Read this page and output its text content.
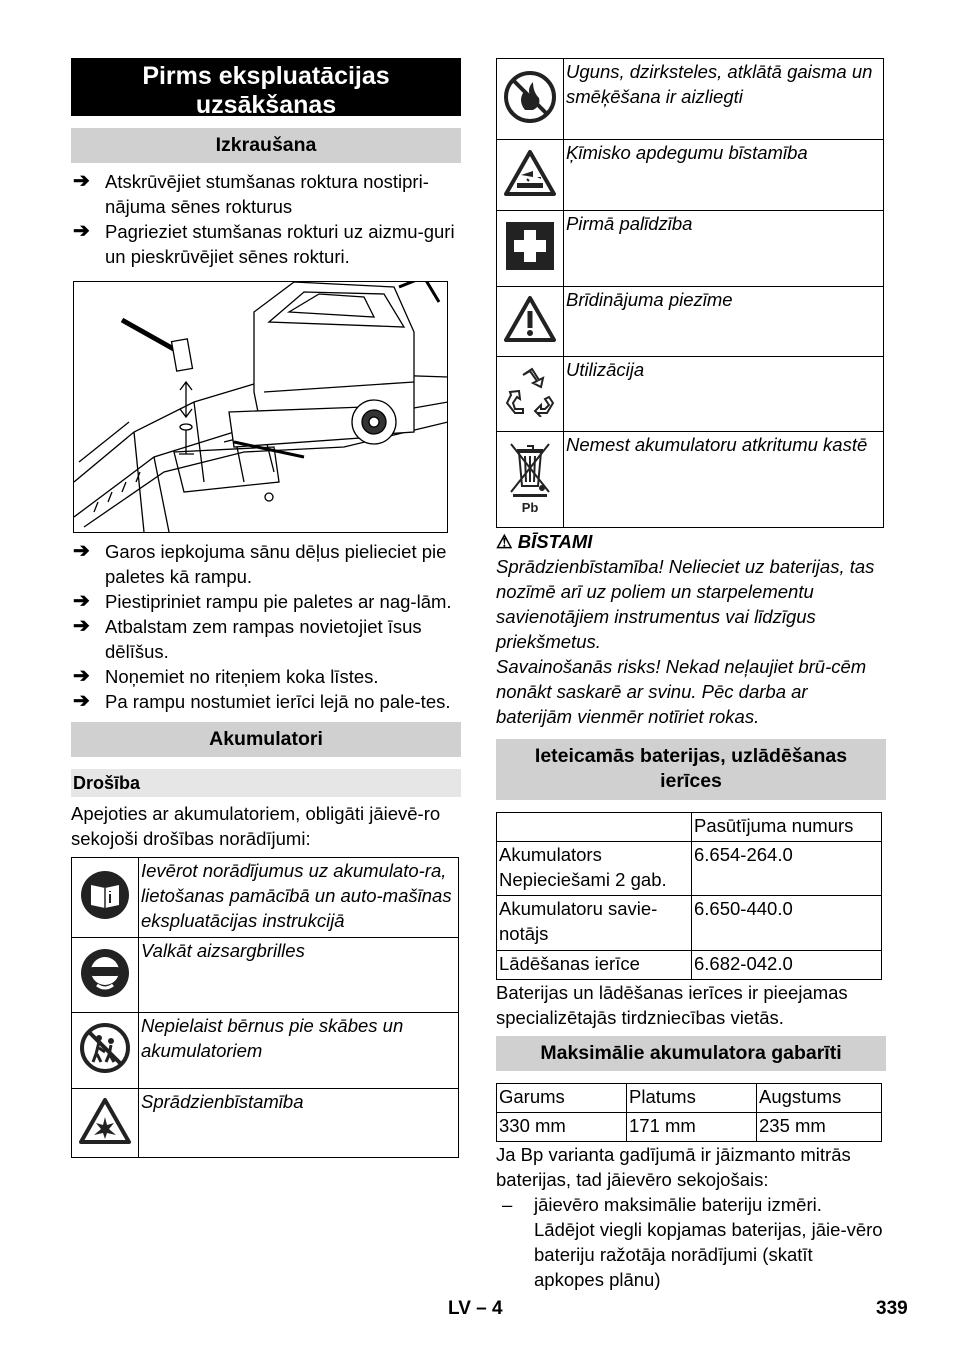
Pirms ekspluatācijas uzsākšanas
Izkraušana
➔ Atskrūvējiet stumšanas roktura nostipri-nājuma sēnes rokturus
➔ Pagrieziet stumšanas rokturi uz aizmu-guri un pieskrūvējiet sēnes rokturi.
➔ Garos iepkojuma sānu dēļus pielieciet pie paletes kā rampu.
➔ Piestipriniet rampu pie paletes ar nag-lām.
➔ Atbalstam zem rampas novietojiet īsus dēlīšus.
➔ Noņemiet no riteņiem koka līstes.
➔ Pa rampu nostumiet ierīci lejā no pale-tes.
Akumulatori
Drošība
Apejoties ar akumulatoriem, obligāti jāievē-ro sekojoši drošības norādījumi:
	Ievērot norādījumus uz akumulato-ra, lietošanas pamācībā un auto-mašīnas ekspluatācijas instrukcijā
	Valkāt aizsargbrilles
	Nepielaist bērnus pie skābes un akumulatoriem
	Sprādzienbīstamība
	Uguns, dzirksteles, atklātā gaisma un smēķēšana ir aizliegti
	Ķīmisko apdegumu bīstamība
	Pirmā palīdzība
	Brīdinājuma piezīme
	Utilizācija

Pb	Nemest akumulatoru atkritumu kastē
⚠ BĪSTAMI
Sprādzienbīstamība! Nelieciet uz baterijas, tas nozīmē arī uz poliem un starpelementu savienotājiem instrumentus vai līdzīgus priekšmetus.
Savainošanās risks! Nekad neļaujiet brū-cēm nonākt saskarē ar svinu. Pēc darba ar baterijām vienmēr notīriet rokas.
Ieteicamās baterijas, uzlādēšanas ierīces
	Pasūtījuma numurs
Akumulators Nepieciešami 2 gab.	6.654-264.0
Akumulatoru savie-notājs	6.650-440.0
Lādēšanas ierīce	6.682-042.0
Baterijas un lādēšanas ierīces ir pieejamas specializētajās tirdzniecības vietās.
Maksimālie akumulatora gabarīti
Garums	Platums	Augstums
330 mm	171 mm	235 mm
Ja Bp varianta gadījumā ir jāizmanto mitrās baterijas, tad jāievēro sekojošais:
–	jāievēro maksimālie bateriju izmēri. Lādējot viegli kopjamas baterijas, jāie-vēro bateriju ražotāja norādījumi (skatīt apkopes plānu)
LV – 4	339
